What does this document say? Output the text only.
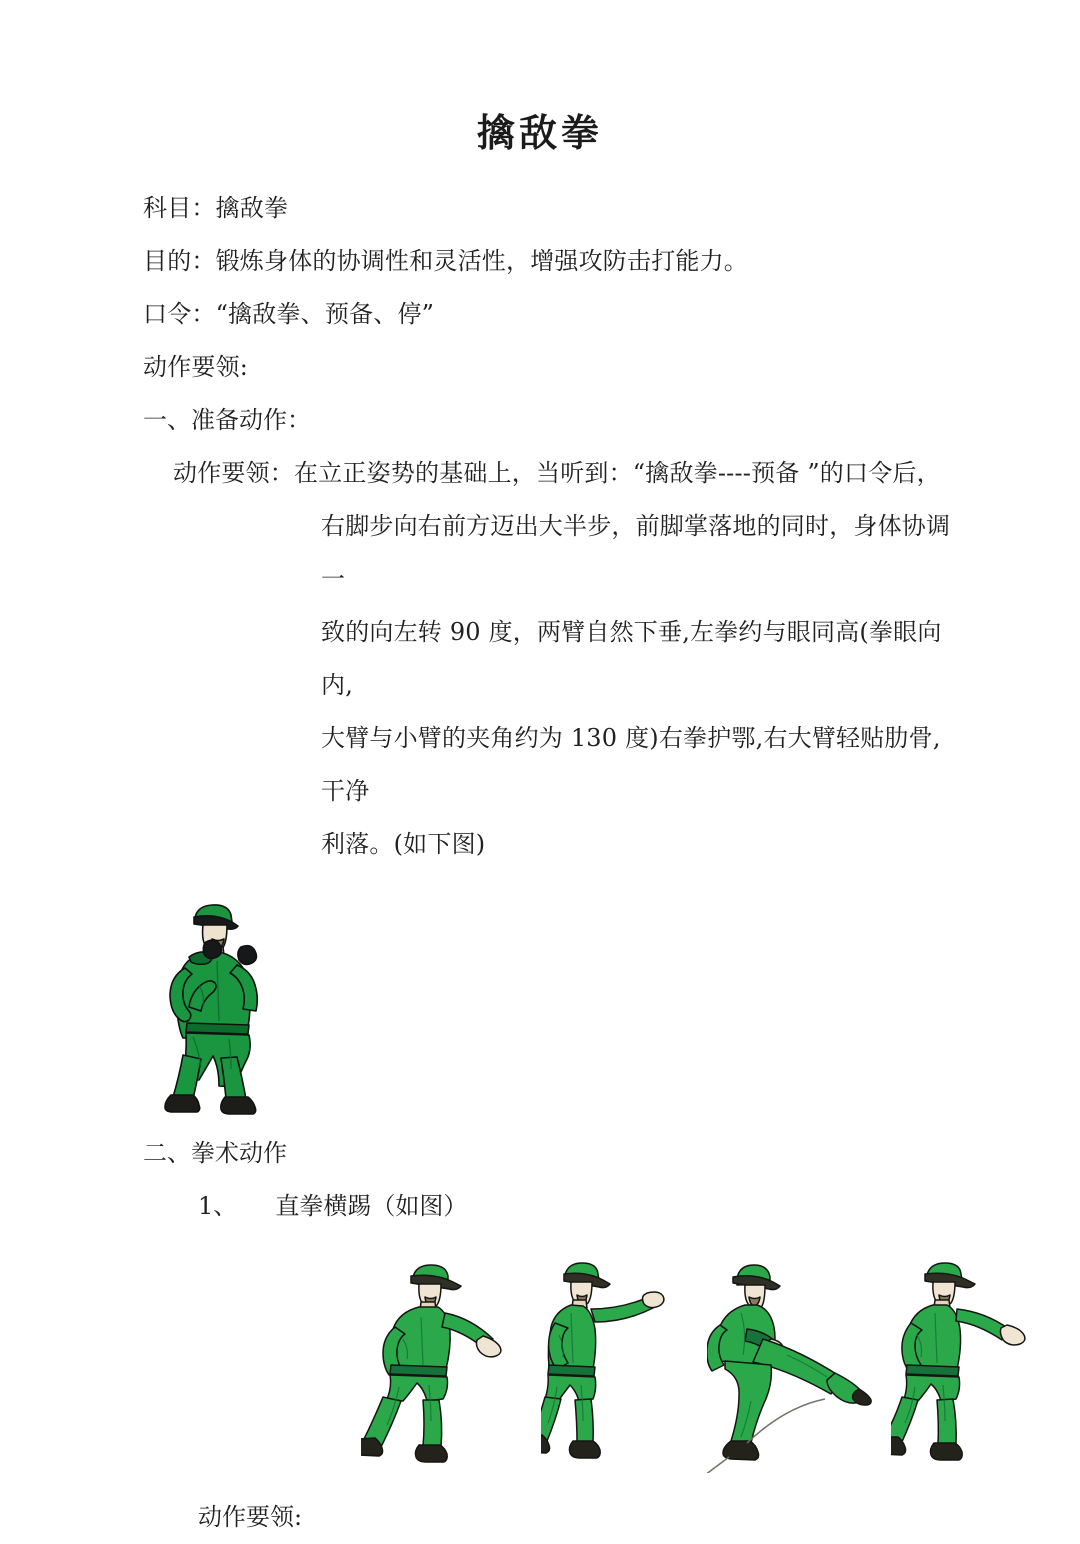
擒敌拳
科目：擒敌拳
目的：锻炼身体的协调性和灵活性，增强攻防击打能力。
口令：“擒敌拳、预备、停”
动作要领:
一、准备动作：
动作要领：在立正姿势的基础上，当听到：“擒敌拳----预备 ”的口令后，
右脚步向右前方迈出大半步，前脚掌落地的同时，身体协调一
致的向左转 90 度，两臂自然下垂,左拳约与眼同高(拳眼向内,
大臂与小臂的夹角约为 130 度)右拳护鄂,右大臂轻贴肋骨,干净
利落。(如下图)
二、拳术动作
1、     直拳横踢（如图）
动作要领:
